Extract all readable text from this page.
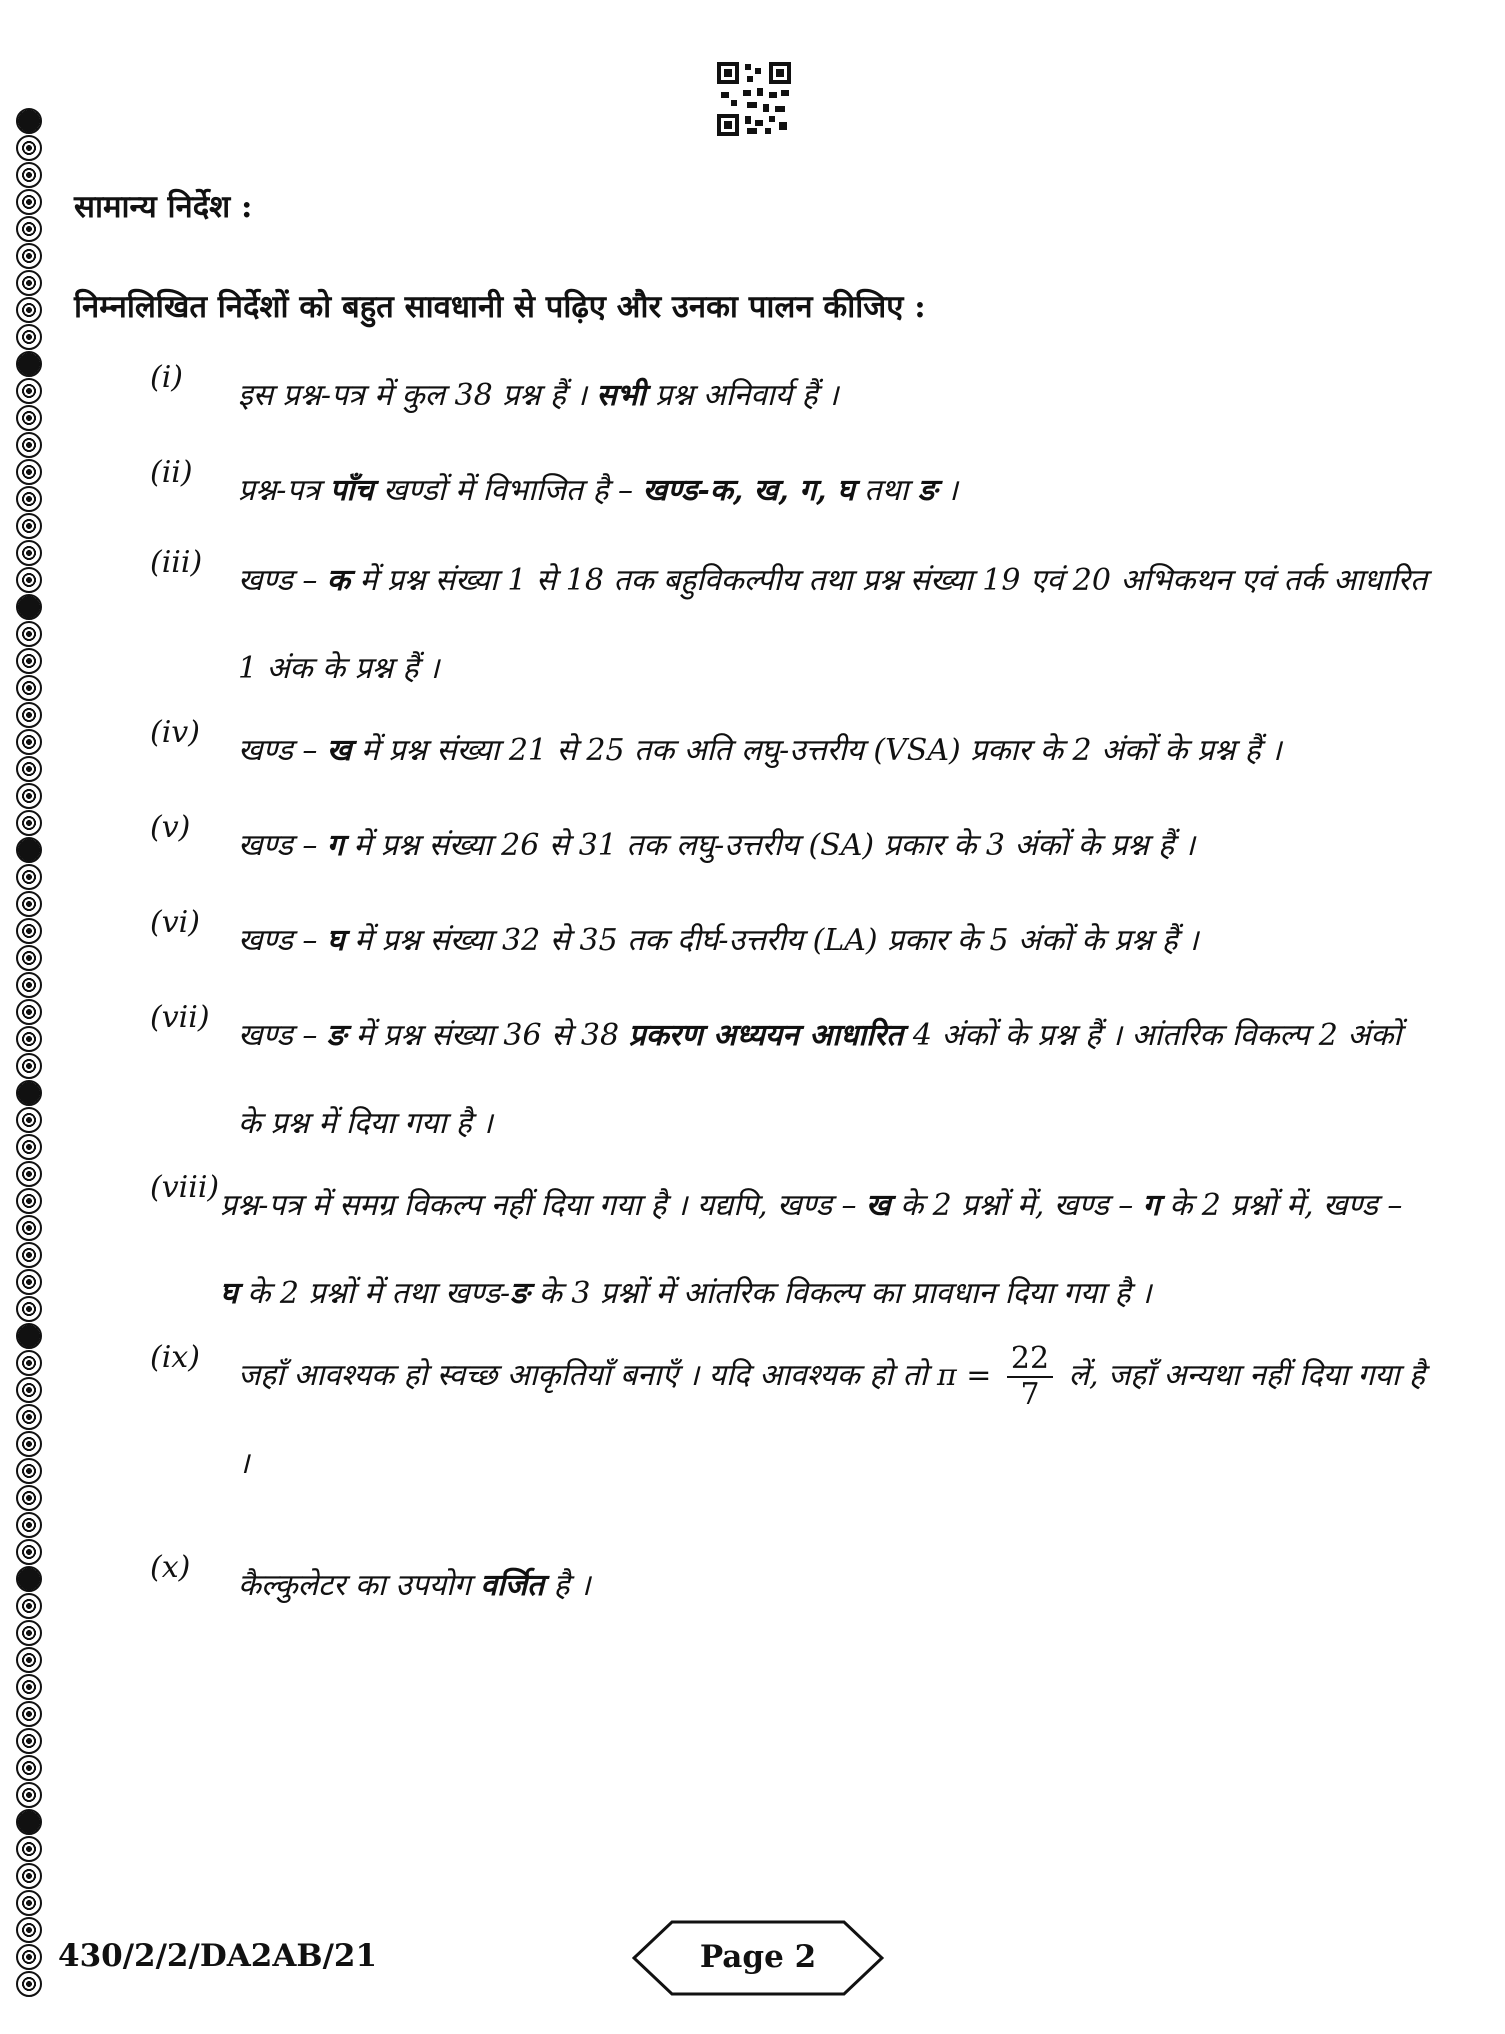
सामान्य निर्देश :
निम्नलिखित निर्देशों को बहुत सावधानी से पढ़िए और उनका पालन कीजिए :
(i)
इस प्रश्न-पत्र में कुल 38 प्रश्न हैं । सभी प्रश्न अनिवार्य हैं ।
(ii)
प्रश्न-पत्र पाँच खण्डों में विभाजित है – खण्ड-क, ख, ग, घ तथा ङ ।
(iii)
खण्ड – क में प्रश्न संख्या 1 से 18 तक बहुविकल्पीय तथा प्रश्न संख्या 19 एवं 20 अभिकथन एवं तर्क आधारित 1 अंक के प्रश्न हैं ।
(iv)
खण्ड – ख में प्रश्न संख्या 21 से 25 तक अति लघु-उत्तरीय (VSA) प्रकार के 2 अंकों के प्रश्न हैं ।
(v)
खण्ड – ग में प्रश्न संख्या 26 से 31 तक लघु-उत्तरीय (SA) प्रकार के 3 अंकों के प्रश्न हैं ।
(vi)
खण्ड – घ में प्रश्न संख्या 32 से 35 तक दीर्घ-उत्तरीय (LA) प्रकार के 5 अंकों के प्रश्न हैं ।
(vii)
खण्ड – ङ में प्रश्न संख्या 36 से 38 प्रकरण अध्ययन आधारित 4 अंकों के प्रश्न हैं । आंतरिक विकल्प 2 अंकों के प्रश्न में दिया गया है ।
(viii)
प्रश्न-पत्र में समग्र विकल्प नहीं दिया गया है । यद्यपि, खण्ड – ख के 2 प्रश्नों में, खण्ड – ग के 2 प्रश्नों में, खण्ड – घ के 2 प्रश्नों में तथा खण्ड-ङ के 3 प्रश्नों में आंतरिक विकल्प का प्रावधान दिया गया है ।
(ix)
जहाँ आवश्यक हो स्वच्छ आकृतियाँ बनाएँ । यदि आवश्यक हो तो $\pi = \frac{22}{7}$ लें, जहाँ अन्यथा नहीं दिया गया है ।
(x)
कैल्कुलेटर का उपयोग वर्जित है ।
430/2/2/DA2AB/21	Page 2
